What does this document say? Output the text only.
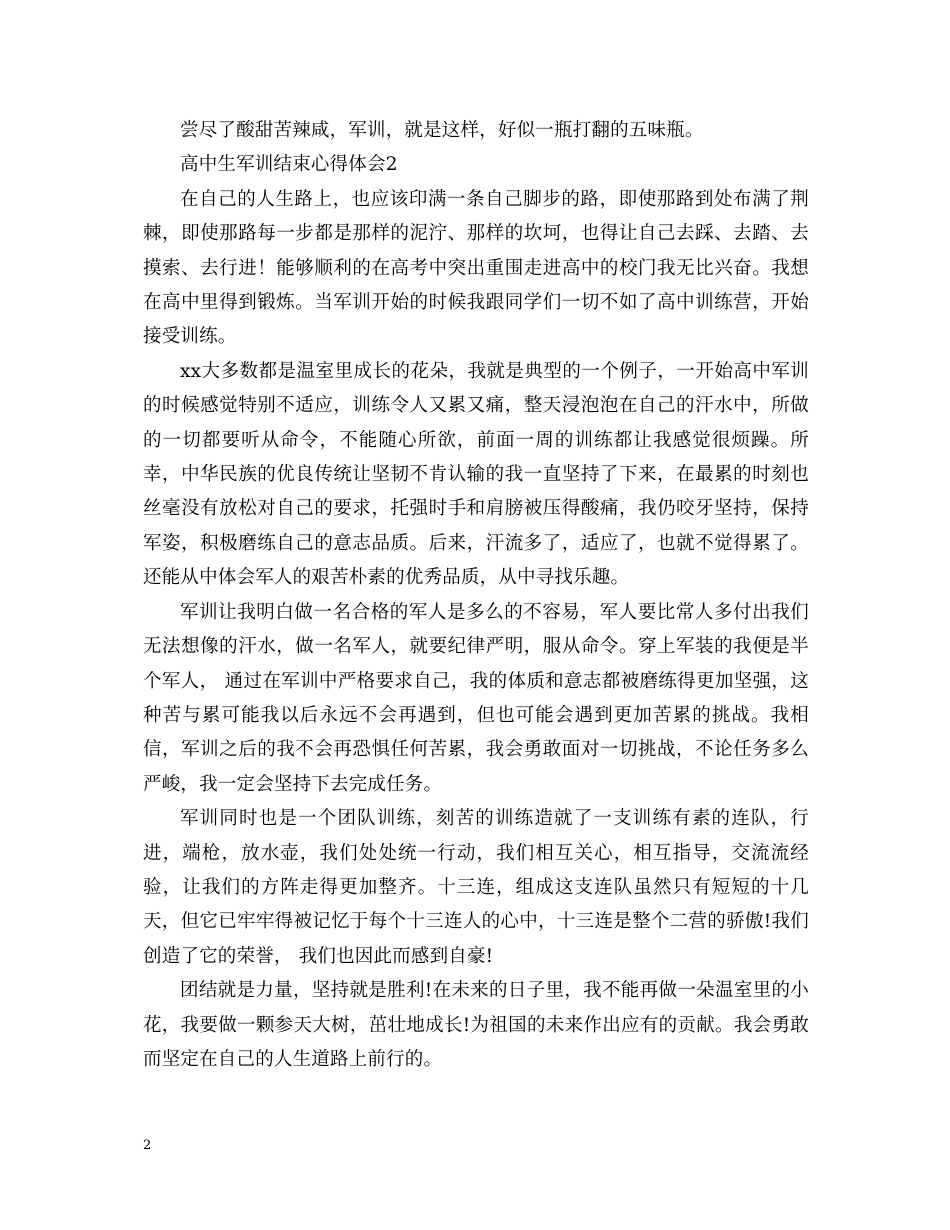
尝尽了酸甜苦辣咸，军训，就是这样，好似一瓶打翻的五味瓶。

高中生军训结束心得体会2

在自己的人生路上，也应该印满一条自己脚步的路，即使那路到处布满了荆棘，即使那路每一步都是那样的泥泞、那样的坎坷，也得让自己去踩、去踏、去摸索、去行进！能够顺利的在高考中突出重围走进高中的校门我无比兴奋。我想在高中里得到锻炼。当军训开始的时候我跟同学们一切不如了高中训练营，开始接受训练。

xx大多数都是温室里成长的花朵，我就是典型的一个例子，一开始高中军训的时候感觉特别不适应，训练令人又累又痛，整天浸泡泡在自己的汗水中，所做的一切都要听从命令，不能随心所欲，前面一周的训练都让我感觉很烦躁。所幸，中华民族的优良传统让坚韧不肯认输的我一直坚持了下来，在最累的时刻也丝毫没有放松对自己的要求，托强时手和肩膀被压得酸痛，我仍咬牙坚持，保持军姿，积极磨练自己的意志品质。后来，汗流多了，适应了，也就不觉得累了。 还能从中体会军人的艰苦朴素的优秀品质，从中寻找乐趣。

军训让我明白做一名合格的军人是多么的不容易，军人要比常人多付出我们无法想像的汗水，做一名军人，就要纪律严明，服从命令。穿上军装的我便是半个军人， 通过在军训中严格要求自己，我的体质和意志都被磨练得更加坚强，这种苦与累可能我以后永远不会再遇到，但也可能会遇到更加苦累的挑战。我相信，军训之后的我不会再恐惧任何苦累，我会勇敢面对一切挑战，不论任务多么严峻，我一定会坚持下去完成任务。

军训同时也是一个团队训练，刻苦的训练造就了一支训练有素的连队，行进，端枪，放水壶，我们处处统一行动，我们相互关心，相互指导，交流流经验，让我们的方阵走得更加整齐。十三连，组成这支连队虽然只有短短的十几天，但它已牢牢得被记忆于每个十三连人的心中，十三连是整个二营的骄傲!我们创造了它的荣誉， 我们也因此而感到自豪!

团结就是力量，坚持就是胜利!在未来的日子里，我不能再做一朵温室里的小花，我要做一颗参天大树，茁壮地成长!为祖国的未来作出应有的贡献。我会勇敢而坚定在自己的人生道路上前行的。

2
